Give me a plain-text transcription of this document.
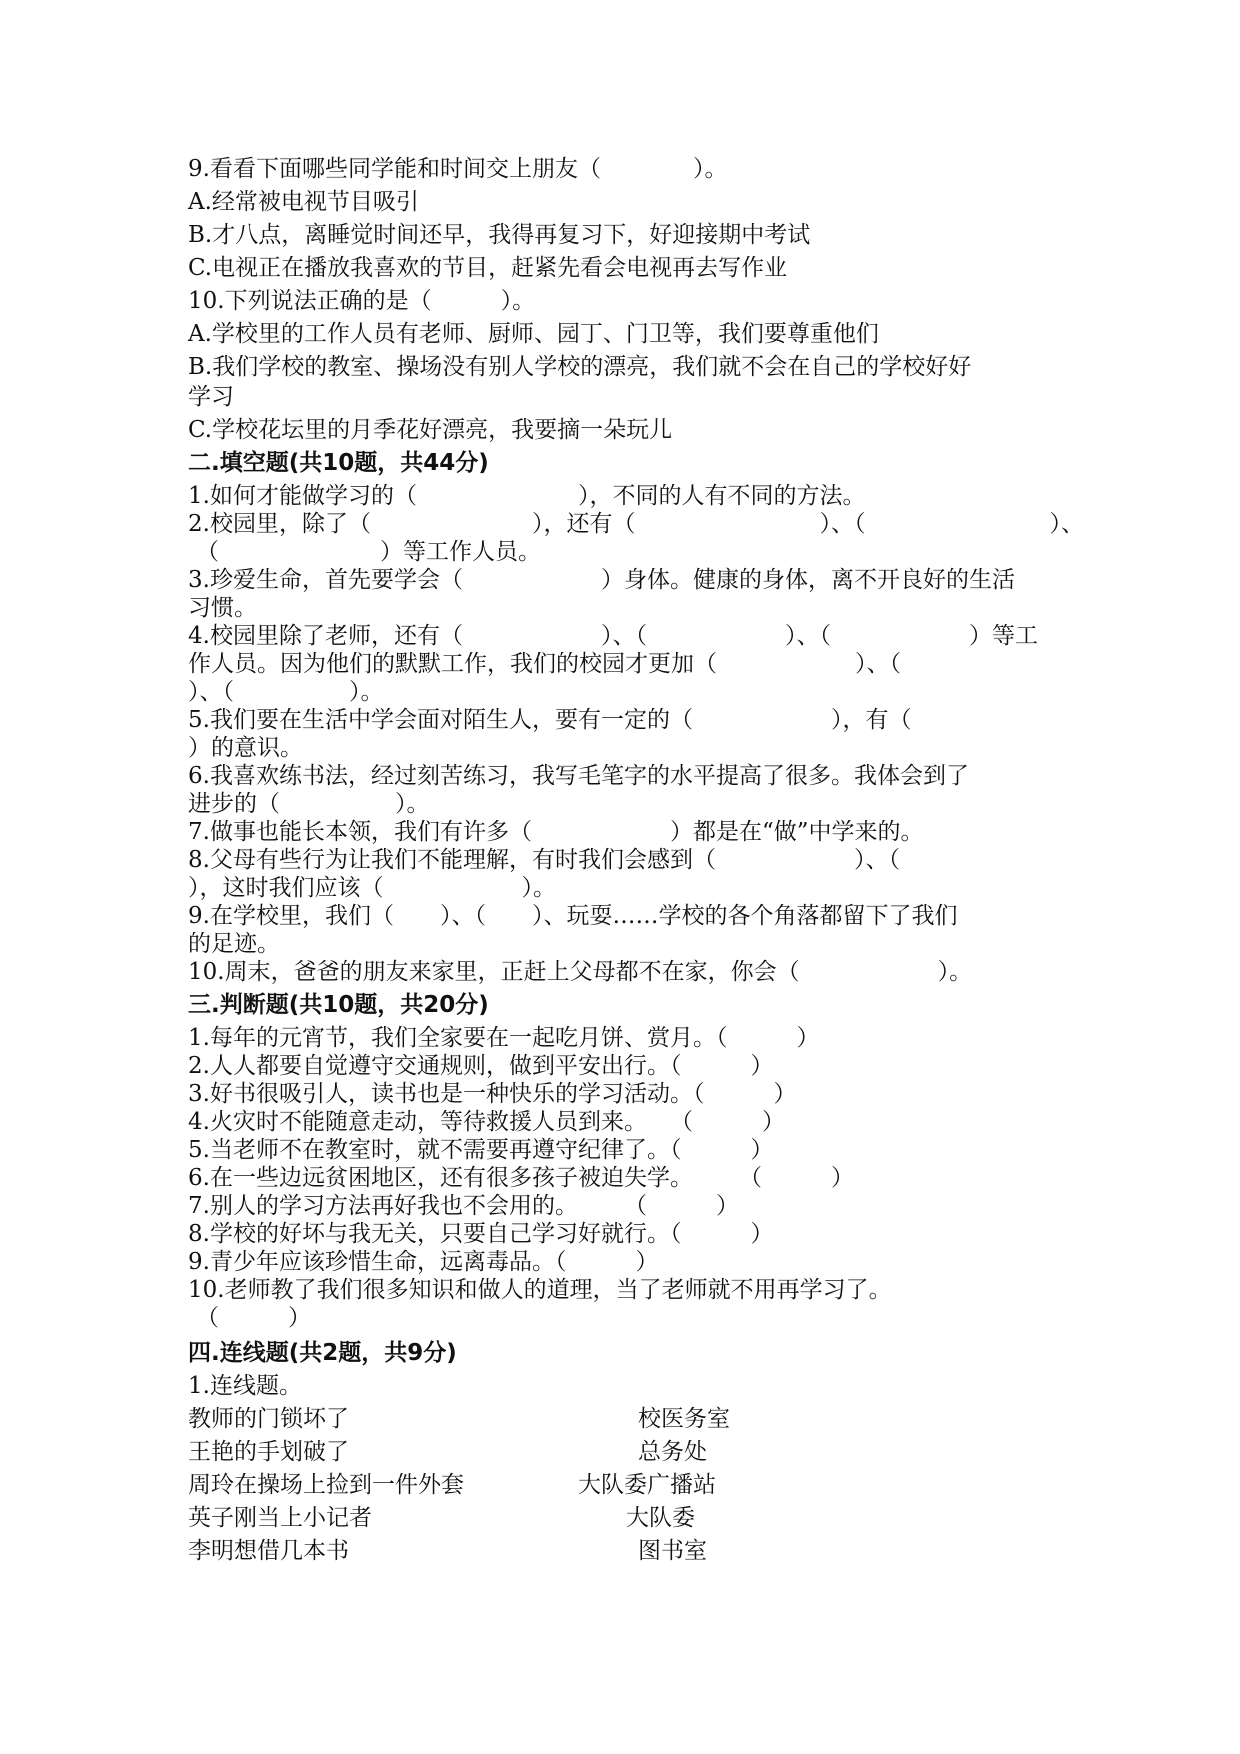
9.看看下面哪些同学能和时间交上朋友（　　　　）。
A.经常被电视节目吸引
B.才八点，离睡觉时间还早，我得再复习下，好迎接期中考试
C.电视正在播放我喜欢的节目，赶紧先看会电视再去写作业
10.下列说法正确的是（　　　）。
A.学校里的工作人员有老师、厨师、园丁、门卫等，我们要尊重他们
B.我们学校的教室、操场没有别人学校的漂亮，我们就不会在自己的学校好好
学习
C.学校花坛里的月季花好漂亮，我要摘一朵玩儿
二.填空题(共10题，共44分)
1.如何才能做学习的（　　　　　　　），不同的人有不同的方法。
2.校园里，除了（　　　　　　　），还有（　　　　　　　　）、（　　　　　　　　）、
（　　　　　　　）等工作人员。
3.珍爱生命，首先要学会（　　　　　　）身体。健康的身体，离不开良好的生活
习惯。
4.校园里除了老师，还有（　　　　　　）、（　　　　　　）、（　　　　　　）等工
作人员。因为他们的默默工作，我们的校园才更加（　　　　　　）、（
）、（　　　　　）。
5.我们要在生活中学会面对陌生人，要有一定的（　　　　　　），有（
）的意识。
6.我喜欢练书法，经过刻苦练习，我写毛笔字的水平提高了很多。我体会到了
进步的（　　　　　）。
7.做事也能长本领，我们有许多（　　　　　　）都是在“做”中学来的。
8.父母有些行为让我们不能理解，有时我们会感到（　　　　　　）、（
），这时我们应该（　　　　　　）。
9.在学校里，我们（　　）、（　　）、玩耍……学校的各个角落都留下了我们
的足迹。
10.周末，爸爸的朋友来家里，正赶上父母都不在家，你会（　　　　　　）。
三.判断题(共10题，共20分)
1.每年的元宵节，我们全家要在一起吃月饼、赏月。（　　　）
2.人人都要自觉遵守交通规则，做到平安出行。（　　　）
3.好书很吸引人，读书也是一种快乐的学习活动。（　　　）
4.火灾时不能随意走动，等待救援人员到来。　　（　　　）
5.当老师不在教室时，就不需要再遵守纪律了。（　　　）
6.在一些边远贫困地区，还有很多孩子被迫失学。　　　（　　　）
7.别人的学习方法再好我也不会用的。　　　（　　　）
8.学校的好坏与我无关，只要自己学习好就行。（　　　）
9.青少年应该珍惜生命，远离毒品。（　　　）
10.老师教了我们很多知识和做人的道理，当了老师就不用再学习了。
（　　　）
四.连线题(共2题，共9分)
1.连线题。
教师的门锁坏了
王艳的手划破了
周玲在操场上捡到一件外套
英子刚当上小记者
李明想借几本书
校医务室
总务处
大队委广播站
大队委
图书室
